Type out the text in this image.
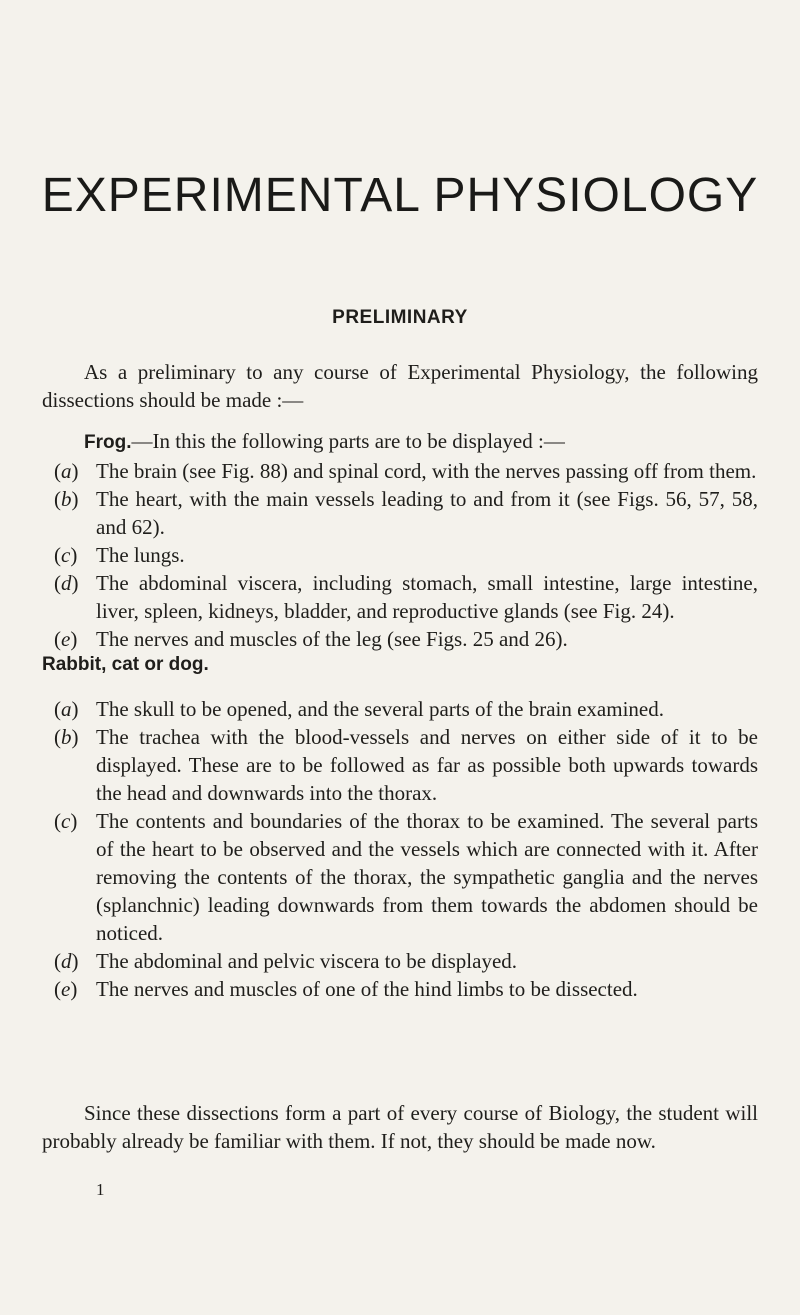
EXPERIMENTAL PHYSIOLOGY
PRELIMINARY

As a preliminary to any course of Experimental Physiology, the following dissections should be made :—

Frog.—In this the following parts are to be displayed :—

(a) The brain (see Fig. 88) and spinal cord, with the nerves passing off from them.
(b) The heart, with the main vessels leading to and from it (see Figs. 56, 57, 58, and 62).
(c) The lungs.
(d) The abdominal viscera, including stomach, small intestine, large intestine, liver, spleen, kidneys, bladder, and reproductive glands (see Fig. 24).
(e) The nerves and muscles of the leg (see Figs. 25 and 26).

Rabbit, cat or dog.

(a) The skull to be opened, and the several parts of the brain examined.
(b) The trachea with the blood-vessels and nerves on either side of it to be displayed. These are to be followed as far as possible both upwards towards the head and downwards into the thorax.
(c) The contents and boundaries of the thorax to be examined. The several parts of the heart to be observed and the vessels which are connected with it. After removing the contents of the thorax, the sympathetic ganglia and the nerves (splanchnic) leading downwards from them towards the abdomen should be noticed.
(d) The abdominal and pelvic viscera to be displayed.
(e) The nerves and muscles of one of the hind limbs to be dissected.

Since these dissections form a part of every course of Biology, the student will probably already be familiar with them. If not, they should be made now.

1
